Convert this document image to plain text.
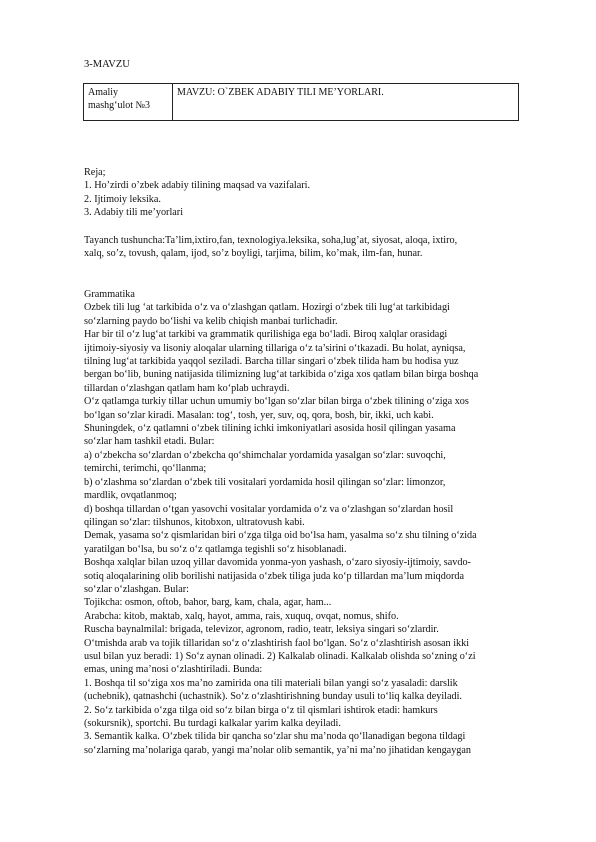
3-MAVZU
Amaliy
mashg‘ulot №3
	MAVZU: O`ZBEK ADABIY TILI ME’YORLARI.
Reja;
1. Ho’zirdi o’zbek adabiy tilining maqsad va vazifalari.
2. Ijtimoiy leksika.
3. Adabiy tili me’yorlari
Tayanch tushuncha:Ta’lim,ixtiro,fan, texnologiya.leksika, soha,lug’at, siyosat, aloqa, ixtiro,
xalq, so’z, tovush, qalam, ijod, so’z boyligi, tarjima, bilim, ko’mak, ilm-fan, hunar.
Grammatika
Ozbek tili lug ‘at tarkibida o‘z va o‘zlashgan qatlam. Hozirgi o‘zbek tili lug‘at tarkibidagi
so‘zlarning paydo bo‘lishi va kelib chiqish manbai turlichadir.
Har bir til o‘z lug‘at tarkibi va grammatik qurilishiga ega bo‘ladi. Biroq xalqlar orasidagi
ijtimoiy-siyosiy va lisoniy aloqalar ularning tillariga o‘z ta’sirini o‘tkazadi. Bu holat, ayniqsa,
tilning lug‘at tarkibida yaqqol seziladi. Barcha tillar singari o‘zbek tilida ham bu hodisa yuz
bergan bo‘lib, buning natijasida tilimizning lug‘at tarkibida o‘ziga xos qatlam bilan birga boshqa
tillardan o‘zlashgan qatlam ham ko‘plab uchraydi.
O‘z qatlamga turkiy tillar uchun umumiy bo‘lgan so‘zlar bilan birga o‘zbek tilining o‘ziga xos
bo‘lgan so‘zlar kiradi. Masalan: tog‘, tosh, yer, suv, oq, qora, bosh, bir, ikki, uch kabi.
Shuningdek, o‘z qatlamni o‘zbek tilining ichki imkoniyatlari asosida hosil qilingan yasama
so‘zlar ham tashkil etadi. Bular:
a) o‘zbekcha so‘zlardan o‘zbekcha qo‘shimchalar yordamida yasalgan so‘zlar: suvoqchi,
temirchi, terimchi, qo‘llanma;
b) o‘zlashma so‘zlardan o‘zbek tili vositalari yordamida hosil qilingan so‘zlar: limonzor,
mardlik, ovqatlanmoq;
d) boshqa tillardan o‘tgan yasovchi vositalar yordamida o‘z va o‘zlashgan so‘zlardan hosil
qilingan so‘zlar: tilshunos, kitobxon, ultratovush kabi.
Demak, yasama so‘z qismlaridan biri o‘zga tilga oid bo‘lsa ham, yasalma so‘z shu tilning o‘zida
yaratilgan bo‘lsa, bu so‘z o‘z qatlamga tegishli so‘z hisoblanadi.
Boshqa xalqlar bilan uzoq yillar davomida yonma-yon yashash, o‘zaro siyosiy-ijtimoiy, savdo-
sotiq aloqalarining olib borilishi natijasida o‘zbek tiliga juda ko‘p tillardan ma’lum miqdorda
so‘zlar o‘zlashgan. Bular:
Tojikcha: osmon, oftob, bahor, barg, kam, chala, agar, ham...
Arabcha: kitob, maktab, xalq, hayot, amma, rais, xuquq, ovqat, nomus, shifo.
Ruscha baynalmilal: brigada, televizor, agronom, radio, teatr, leksiya singari so‘zlardir.
O‘tmishda arab va tojik tillaridan so‘z o‘zlashtirish faol bo‘lgan. So‘z o‘zlashtirish asosan ikki
usul bilan yuz beradi: 1) So‘z aynan olinadi. 2) Kalkalab olinadi. Kalkalab olishda so‘zning o‘zi
emas, uning ma’nosi o‘zlashtiriladi. Bunda:
1. Boshqa til so‘ziga xos ma’no zamirida ona tili materiali bilan yangi so‘z yasaladi: darslik
(uchebnik), qatnashchi (uchastnik). So‘z o‘zlashtirishning bunday usuli to‘liq kalka deyiladi.
2. So‘z tarkibida o‘zga tilga oid so‘z bilan birga o‘z til qismlari ishtirok etadi: hamkurs
(sokursnik), sportchi. Bu turdagi kalkalar yarim kalka deyiladi.
3. Semantik kalka. O‘zbek tilida bir qancha so‘zlar shu ma’noda qo‘llanadigan begona tildagi
so‘zlarning ma’nolariga qarab, yangi ma’nolar olib semantik, ya’ni ma’no jihatidan kengaygan
